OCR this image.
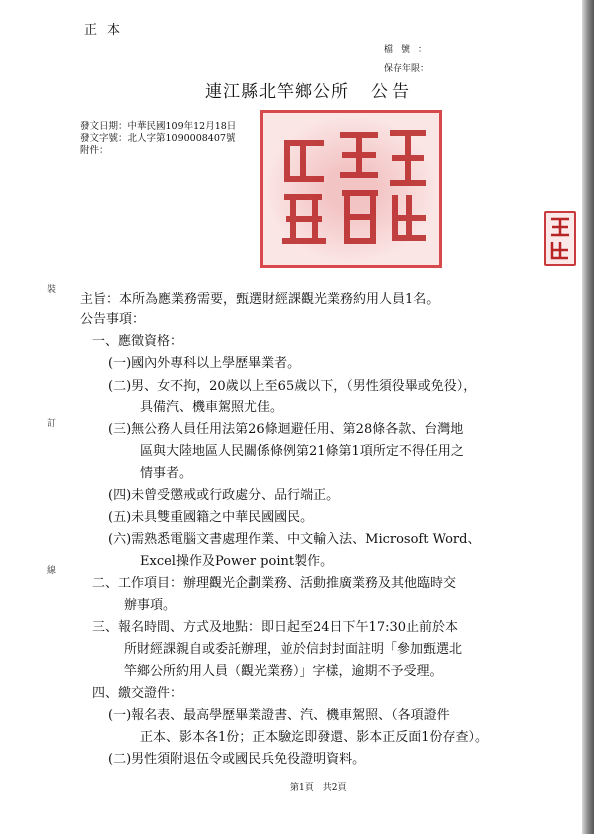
正本
檔號：
保存年限：
連江縣北竿鄉公所 公告
發文日期：中華民國109年12月18日
發文字號：北人字第1090008407號
附件：
裝
訂
線
主旨：本所為應業務需要，甄選財經課觀光業務約用人員1名。
公告事項：
一、應徵資格：
(一)國內外專科以上學歷畢業者。
(二)男、女不拘，20歲以上至65歲以下，（男性須役畢或免役），
具備汽、機車駕照尤佳。
(三)無公務人員任用法第26條迴避任用、第28條各款、台灣地
區與大陸地區人民關係條例第21條第1項所定不得任用之
情事者。
(四)未曾受懲戒或行政處分、品行端正。
(五)未具雙重國籍之中華民國國民。
(六)需熟悉電腦文書處理作業、中文輸入法、Microsoft Word、
Excel操作及Power point製作。
二、工作項目：辦理觀光企劃業務、活動推廣業務及其他臨時交
辦事項。
三、報名時間、方式及地點：即日起至24日下午17:30止前於本
所財經課親自或委託辦理，並於信封封面註明「參加甄選北
竿鄉公所約用人員（觀光業務）」字樣，逾期不予受理。
四、繳交證件：
(一)報名表、最高學歷畢業證書、汽、機車駕照、（各項證件
正本、影本各1份；正本驗迄即發還、影本正反面1份存查）。
(二)男性須附退伍令或國民兵免役證明資料。
第1頁　共2頁
